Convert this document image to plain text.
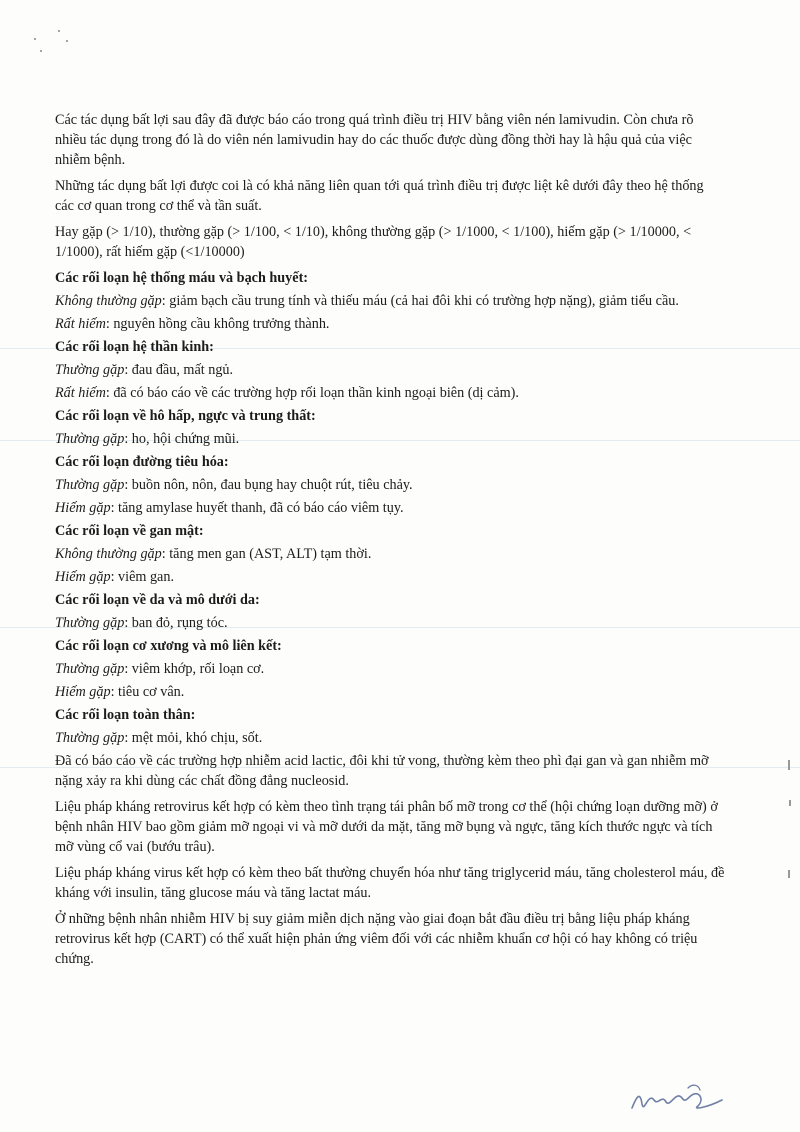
Các tác dụng bất lợi sau đây đã được báo cáo trong quá trình điều trị HIV bằng viên nén lamivudin. Còn chưa rõ nhiều tác dụng trong đó là do viên nén lamivudin hay do các thuốc được dùng đồng thời hay là hậu quả của việc nhiễm bệnh.

Những tác dụng bất lợi được coi là có khả năng liên quan tới quá trình điều trị được liệt kê dưới đây theo hệ thống các cơ quan trong cơ thể và tần suất.

Hay gặp (> 1/10), thường gặp (> 1/100, < 1/10), không thường gặp (> 1/1000, < 1/100), hiếm gặp (> 1/10000, < 1/1000), rất hiếm gặp (<1/10000)

Các rối loạn hệ thống máu và bạch huyết:

Không thường gặp: giảm bạch cầu trung tính và thiếu máu (cả hai đôi khi có trường hợp nặng), giảm tiểu cầu.

Rất hiếm: nguyên hồng cầu không trưởng thành.

Các rối loạn hệ thần kinh:

Thường gặp: đau đầu, mất ngủ.

Rất hiếm: đã có báo cáo về các trường hợp rối loạn thần kinh ngoại biên (dị cảm).

Các rối loạn về hô hấp, ngực và trung thất:

Thường gặp: ho, hội chứng mũi.

Các rối loạn đường tiêu hóa:

Thường gặp: buồn nôn, nôn, đau bụng hay chuột rút, tiêu chảy.

Hiếm gặp: tăng amylase huyết thanh, đã có báo cáo viêm tụy.

Các rối loạn về gan mật:

Không thường gặp: tăng men gan (AST, ALT) tạm thời.

Hiếm gặp: viêm gan.

Các rối loạn về da và mô dưới da:

Thường gặp: ban đỏ, rụng tóc.

Các rối loạn cơ xương và mô liên kết:

Thường gặp: viêm khớp, rối loạn cơ.

Hiếm gặp: tiêu cơ vân.

Các rối loạn toàn thân:

Thường gặp: mệt mỏi, khó chịu, sốt.

Đã có báo cáo về các trường hợp nhiễm acid lactic, đôi khi tử vong, thường kèm theo phì đại gan và gan nhiễm mỡ nặng xảy ra khi dùng các chất đồng đẳng nucleosid.

Liệu pháp kháng retrovirus kết hợp có kèm theo tình trạng tái phân bố mỡ trong cơ thể (hội chứng loạn dưỡng mỡ) ở bệnh nhân HIV bao gồm giảm mỡ ngoại vi và mỡ dưới da mặt, tăng mỡ bụng và ngực, tăng kích thước ngực và tích mỡ vùng cổ vai (bướu trâu).

Liệu pháp kháng virus kết hợp có kèm theo bất thường chuyển hóa như tăng triglycerid máu, tăng cholesterol máu, đề kháng với insulin, tăng glucose máu và tăng lactat máu.

Ở những bệnh nhân nhiễm HIV bị suy giảm miễn dịch nặng vào giai đoạn bắt đầu điều trị bằng liệu pháp kháng retrovirus kết hợp (CART) có thể xuất hiện phản ứng viêm đối với các nhiễm khuẩn cơ hội có hay không có triệu chứng.
